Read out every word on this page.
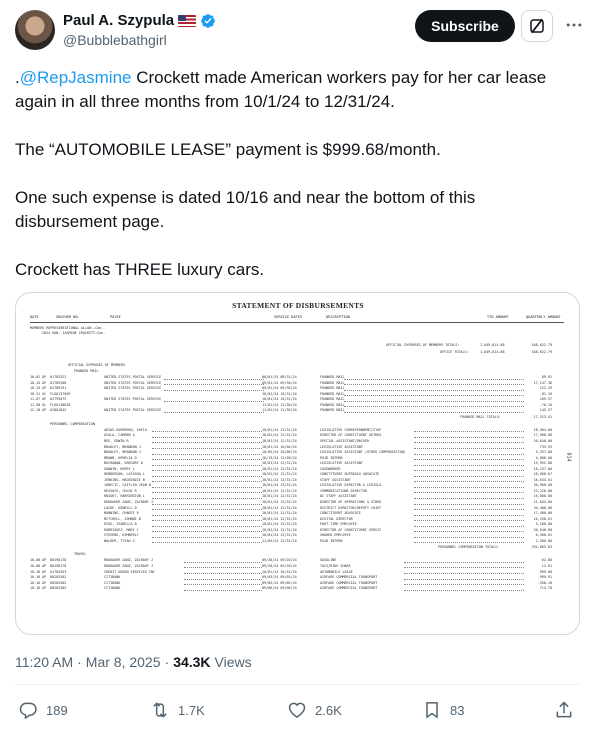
Paul A. Szypula
@Bubblebathgirl
Subscribe

.@RepJasmine Crockett made American workers pay for her car lease again in all three months from 10/1/24 to 12/31/24.

The “AUTOMOBILE LEASE” payment is $999.68/month.

One such expense is dated 10/16 and near the bottom of this disbursement page.

Crockett has THREE luxury cars.

STATEMENT OF DISBURSEMENTS
DATE	VOUCHER NO.	PAYEE	SERVICE DATES	DESCRIPTION	YTD AMOUNT	QUARTERLY AMOUNT
814
MEMBERS REPRESENTATIONAL ALLOW.—Con.
2024 HON. JASMINE CROCKETT—Con.
OFFICIAL EXPENSES OF MEMBERS TOTALS:	1,649,814.88	548,622.79
OFFICE TOTALS:	1,649,814.88	548,622.79
OFFICIAL EXPENSES OF MEMBERS
FRANKED MAIL
10-02 AP 01783322	UNITED STATES POSTAL SERVICE	08/01/24 08/31/24	FRANKED MAIL	89.92
10-15 AP 01789200	UNITED STATES POSTAL SERVICE	09/01/24 09/30/24	FRANKED MAIL	17,147.36
10-15 AP 01789191	UNITED STATES POSTAL SERVICE	09/01/24 09/30/24	FRANKED MAIL	122.29
10-31 GL FLGO137969	10/01/24 10/31/24	FRANKED MAIL	-81.20
11-07 AP 01795075	UNITED STATES POSTAL SERVICE	10/01/24 10/31/24	FRANKED MAIL	169.57
11-30 GL FLGO138628	11/01/24 11/30/24	FRANKED MAIL	-70.10
12-10 AP 01801842	UNITED STATES POSTAL SERVICE	11/01/24 11/30/24	FRANKED MAIL	145.57
FRANKED MAIL TOTALS:	17,523.41
PERSONNEL COMPENSATION
ARIAS-GUERRERO, SOFIA	10/01/24 12/31/24	LEGISLATIVE CORRESPONDENT/STAF	18,404.00
AYALA, CARMEN A	10/01/24 12/31/24	DIRECTOR OF CONSTITUENT OUTREA	17,980.00
BEE, EDWIN R	10/01/24 12/31/24	SPECIAL ASSISTANT/DRIVER	20,640.00
BRADLEY, BRANDON J	10/01/24 10/04/24	LEGISLATIVE ASSISTANT	733.93
BRADLEY, BRANDON J	10/05/24 10/06/24	LEGISLATIVE ASSISTANT (OTHER COMPENSATION)	5,337.00
BROWN, OPHELIA D	10/13/24 12/09/24	PAID INTERN	4,080.00
BUCHANAN, GREGORY D	10/01/24 12/31/24	LEGISLATIVE ASSISTANT	19,952.00
GODWIN, KERRY L	10/01/24 12/31/24	CASEWORKER	18,237.00
HENDERSON, LATASHA L	10/01/24 12/31/24	CONSTITUENT OUTREACH ADVOCATE	16,666.67
JENKINS, MACKENZIE B	10/01/24 12/31/24	STAFF ASSISTANT	16,634.01
JUBECIC, CAITLIN JEAN B	10/01/24 12/31/24	LEGISLATIVE DIRECTOR & LEGISLA	30,960.00
KESSOCK, CHLOE R	10/01/24 12/31/24	COMMUNICATIONS DIRECTOR	23,220.00
KNIGHT, HARRINGTON L	10/01/24 12/31/24	DC STAFF ASSISTANT	15,000.00
KRAKAUER GANZ, ZACHARY J	10/01/24 12/31/24	DIRECTOR OF OPERATIONS & SCHED	21,844.00
LOCKE, KENDYLL D	10/01/24 12/31/24	DISTRICT DIRECTOR/DEPUTY CHIEF	34,400.00
MANNING, CHANTE R	10/01/24 12/31/24	CONSTITUENT ADVOCATE	17,480.00
MITCHELL, JOHNNI B	10/01/24 12/31/24	DIGITAL DIRECTOR	16,250.01
RIOS, ISABELLA B	10/01/24 12/31/24	PART-TIME EMPLOYEE	5,160.00
RODRIGUEZ, MARY C	10/01/24 12/31/24	DIRECTOR OF CONSTITUENT SERVIC	20,640.00
STEVENS, KIMBERLY	10/01/24 12/31/24	SHARED EMPLOYEE	6,500.01
WALKER, TYIAH G	11/05/24 12/31/24	PAID INTERN	2,580.00
PERSONNEL COMPENSATION TOTALS:	332,665.63
TRAVEL
10-08 AP 80198178	KRAKAUER GANZ, ZACHARY J	09/20/24 09/20/24	GASOLINE	62.80
10-08 AP 80198178	KRAKAUER GANZ, ZACHARY J	09/20/24 09/20/24	TAXI/RIDE SHARE	12.01
10-16 AP 01784353	CREDIT UNION SERVICES INC	10/01/24 10/31/24	AUTOMOBILE LEASE	999.68
10-16 AP 80202502	CITIBANK	09/03/24 09/03/24	AIRFARE COMMERCIAL TRANSPORT	-999.91
10-16 AP 80202502	CITIBANK	09/05/24 09/05/24	AIRFARE COMMERCIAL TRANSPORT	-358.10
10-16 AP 80202502	CITIBANK	09/06/24 09/06/24	AIRFARE COMMERCIAL TRANSPORT	714.78
11:20 AM · Mar 8, 2025 · 34.3K Views
189	1.7K	2.6K	83
